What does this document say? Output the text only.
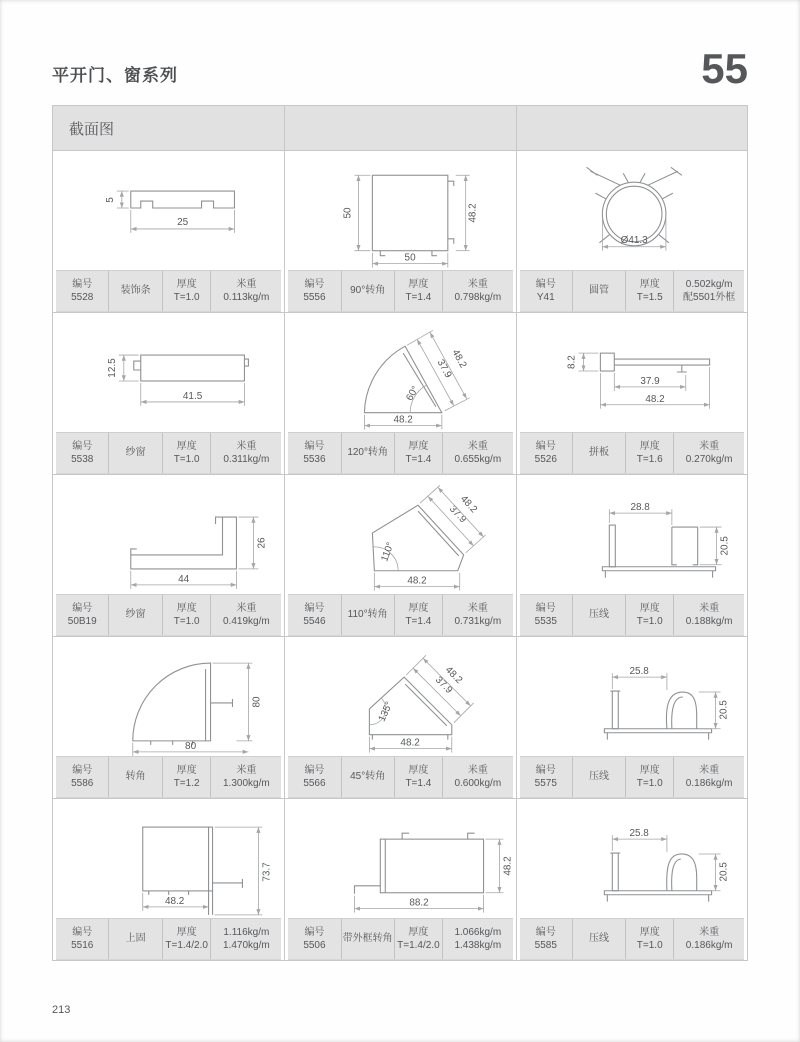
平开门、窗系列	55
截面图
5
25
编号
5528
装饰条
厚度
T=1.0
米重
0.113kg/m
50	48.2
50
编号
5556
90°转角
厚度
T=1.4
米重
0.798kg/m
Ø41.3
编号
Y41
圆管
厚度
T=1.5
0.502kg/m
配5501外框
12.5
41.5
编号
5538
纱窗
厚度
T=1.0
米重
0.311kg/m
60°
37.9
48.2
48.2
编号
5536
120°转角
厚度
T=1.4
米重
0.655kg/m
8.2
37.9
48.2
编号
5526
拼板
厚度
T=1.6
米重
0.270kg/m
44
26
编号
50B19
纱窗
厚度
T=1.0
米重
0.419kg/m
110°
37.9
48.2
48.2
编号
5546
110°转角
厚度
T=1.4
米重
0.731kg/m
28.8
20.5
编号
5535
压线
厚度
T=1.0
米重
0.188kg/m
80
80
编号
5586
转角
厚度
T=1.2
米重
1.300kg/m
135°
37.9
48.2
48.2
编号
5566
45°转角
厚度
T=1.4
米重
0.600kg/m
25.8
20.5
编号
5575
压线
厚度
T=1.0
米重
0.186kg/m
48.2
73.7
编号
5516
上固
厚度
T=1.4/2.0
1.116kg/m
1.470kg/m
88.2
48.2
编号
5506
带外框转角
厚度
T=1.4/2.0
1.066kg/m
1.438kg/m
25.8
20.5
编号
5585
压线
厚度
T=1.0
米重
0.186kg/m
213
